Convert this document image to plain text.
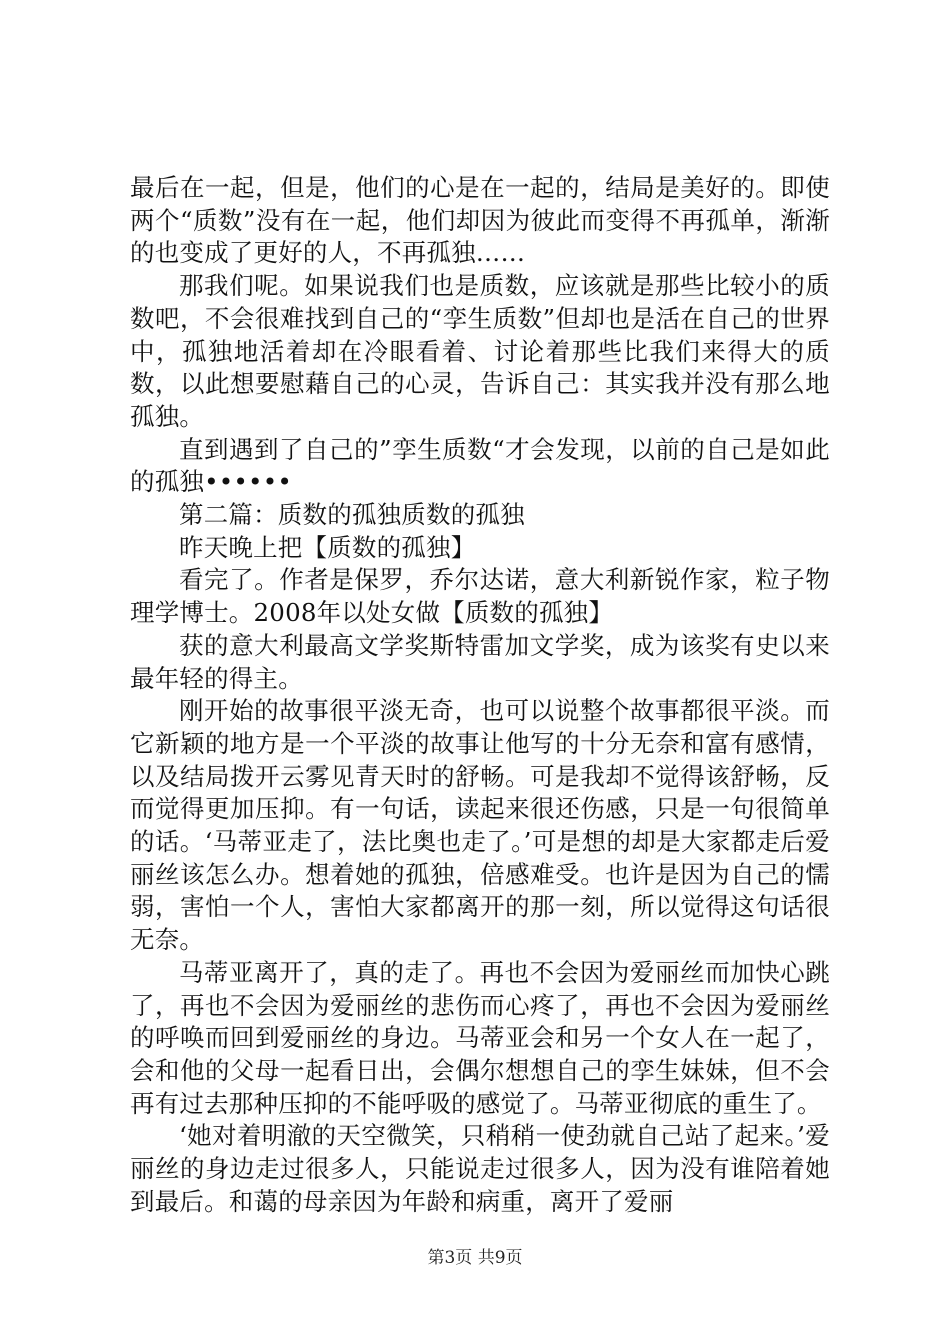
最后在一起，但是，他们的心是在一起的，结局是美好的。即使两个“质数”没有在一起，他们却因为彼此而变得不再孤单，渐渐的也变成了更好的人，不再孤独……

那我们呢。如果说我们也是质数，应该就是那些比较小的质数吧，不会很难找到自己的“孪生质数”但却也是活在自己的世界中，孤独地活着却在冷眼看着、讨论着那些比我们来得大的质数，以此想要慰藉自己的心灵，告诉自己：其实我并没有那么地孤独。

直到遇到了自己的”孪生质数“才会发现，以前的自己是如此的孤独••••••

第二篇：质数的孤独质数的孤独

昨天晚上把【质数的孤独】

看完了。作者是保罗，乔尔达诺，意大利新锐作家，粒子物理学博士。2008年以处女做【质数的孤独】

获的意大利最高文学奖斯特雷加文学奖，成为该奖有史以来最年轻的得主。

刚开始的故事很平淡无奇，也可以说整个故事都很平淡。而它新颖的地方是一个平淡的故事让他写的十分无奈和富有感情，以及结局拨开云雾见青天时的舒畅。可是我却不觉得该舒畅，反而觉得更加压抑。有一句话，读起来很还伤感，只是一句很简单的话。‘马蒂亚走了，法比奥也走了。’可是想的却是大家都走后爱丽丝该怎么办。想着她的孤独，倍感难受。也许是因为自己的懦弱，害怕一个人，害怕大家都离开的那一刻，所以觉得这句话很无奈。

马蒂亚离开了，真的走了。再也不会因为爱丽丝而加快心跳了，再也不会因为爱丽丝的悲伤而心疼了，再也不会因为爱丽丝的呼唤而回到爱丽丝的身边。马蒂亚会和另一个女人在一起了，会和他的父母一起看日出，会偶尔想想自己的孪生妹妹，但不会再有过去那种压抑的不能呼吸的感觉了。马蒂亚彻底的重生了。

‘她对着明澈的天空微笑，只稍稍一使劲就自己站了起来。’爱丽丝的身边走过很多人，只能说走过很多人，因为没有谁陪着她到最后。和蔼的母亲因为年龄和病重，离开了爱丽

第3页 共9页
